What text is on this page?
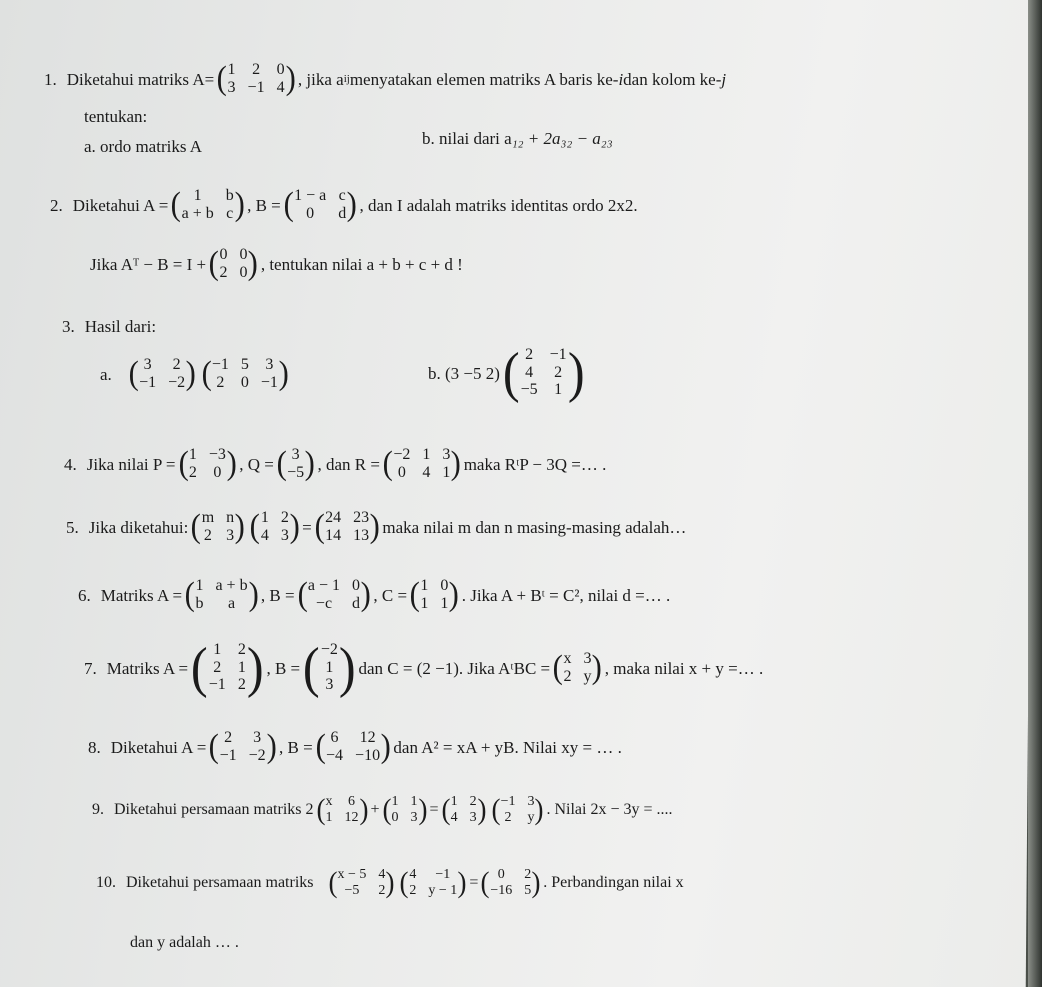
1. Diketahui matriks A= ( 1 2 0
3 −1 4 ) , jika a ij menyatakan elemen matriks A baris ke- i dan kolom ke- j
tentukan:
a. ordo matriks A	b. nilai dari a ₁₂ + 2a₃₂ − a₂₃
2. Diketahui A = ( 1	b
a + b c ) , B = ( 1 − a c
0	d ) , dan I adalah matriks identitas ordo 2x2.
Jika Aᵀ − B = I + ( 0 0
2 0 ) , tentukan nilai a + b + c + d !
3. Hasil dari:
a. ( 3 2
−1 −2 ) ( −1 5 3
2 0 −1 )	b. (3 −5 2) ( 2 −1
4 2
−5 1 )
4. Jika nilai P = ( 1 −3
2 0 ) , Q = ( 3
−5 ) , dan R = ( −2 1 3
0 4 1 ) maka RᵗP − 3Q =… .
5. Jika diketahui: ( m n
2 3 ) ( 1 2
4 3 ) = ( 24 23
14 13 ) maka nilai m dan n masing-masing adalah…
6. Matriks A = ( 1 a + b
b	a ) , B = ( a − 1 0
−c	d ) , C = ( 1 0
1 1 ) . Jika A + Bᵗ = C², nilai d =… .
7. Matriks A = ( 1 2
2 1
−1 2 ) , B = ( −2
1
3 ) dan C = (2 −1). Jika AᵗBC = ( x 3
2 y ) , maka nilai x + y =… .
8. Diketahui A = ( 2 3
−1 −2 ) , B = ( 6 12
−4 −10 ) dan A² = xA + yB. Nilai xy = … .
9. Diketahui persamaan matriks 2 ( x 6
1 12 ) + ( 1 1
0 3 ) = ( 1 2
4 3 ) ( −1 3
2 y ) . Nilai 2x − 3y = ....
10. Diketahui persamaan matriks ( x − 5 4
−5	2 ) ( 4	−1
2 y − 1 ) = ( 0	2
−16 5 ) . Perbandingan nilai x
dan y adalah … .
